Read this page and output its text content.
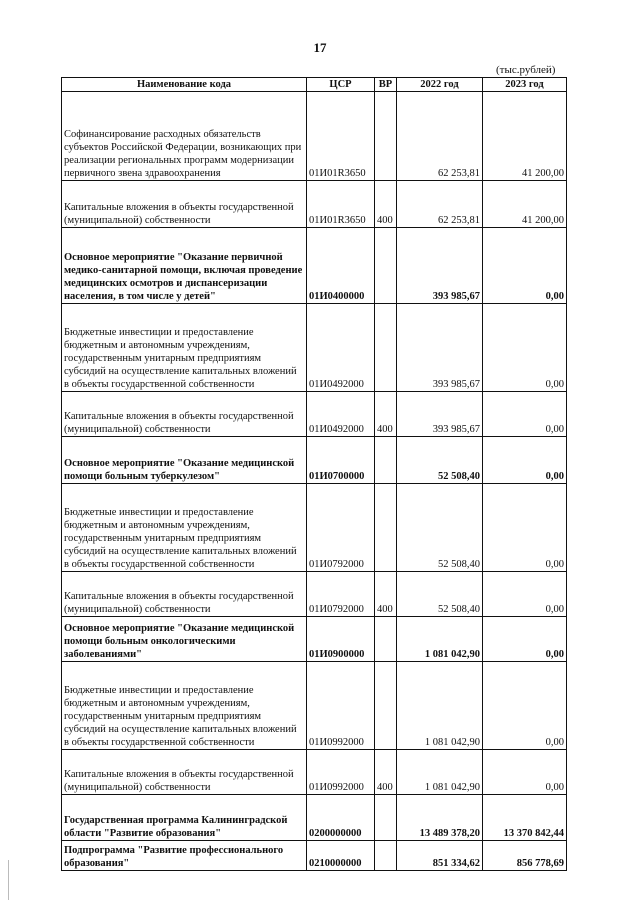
17
(тыс.рублей)
Наименование кода	ЦСР	ВР	2022 год	2023 год
Софинансирование расходных обязательств субъектов Российской Федерации, возникающих при реализации региональных программ модернизации первичного звена здравоохранения	01И01R3650		62 253,81	41 200,00
Капитальные вложения в объекты государственной (муниципальной) собственности	01И01R3650	400	62 253,81	41 200,00
Основное мероприятие "Оказание первичной медико-санитарной помощи, включая проведение медицинских осмотров и диспансеризации населения, в том числе у детей"	01И0400000		393 985,67	0,00
Бюджетные инвестиции и предоставление бюджетным и автономным учреждениям, государственным унитарным предприятиям субсидий на осуществление капитальных вложений в объекты государственной собственности	01И0492000		393 985,67	0,00
Капитальные вложения в объекты государственной (муниципальной) собственности	01И0492000	400	393 985,67	0,00
Основное мероприятие "Оказание медицинской помощи больным туберкулезом"	01И0700000		52 508,40	0,00
Бюджетные инвестиции и предоставление бюджетным и автономным учреждениям, государственным унитарным предприятиям субсидий на осуществление капитальных вложений в объекты государственной собственности	01И0792000		52 508,40	0,00
Капитальные вложения в объекты государственной (муниципальной) собственности	01И0792000	400	52 508,40	0,00
Основное мероприятие "Оказание медицинской помощи больным онкологическими заболеваниями"	01И0900000		1 081 042,90	0,00
Бюджетные инвестиции и предоставление бюджетным и автономным учреждениям, государственным унитарным предприятиям субсидий на осуществление капитальных вложений в объекты государственной собственности	01И0992000		1 081 042,90	0,00
Капитальные вложения в объекты государственной (муниципальной) собственности	01И0992000	400	1 081 042,90	0,00
Государственная программа Калининградской области "Развитие образования"	0200000000		13 489 378,20	13 370 842,44
Подпрограмма "Развитие профессионального образования"	0210000000		851 334,62	856 778,69
